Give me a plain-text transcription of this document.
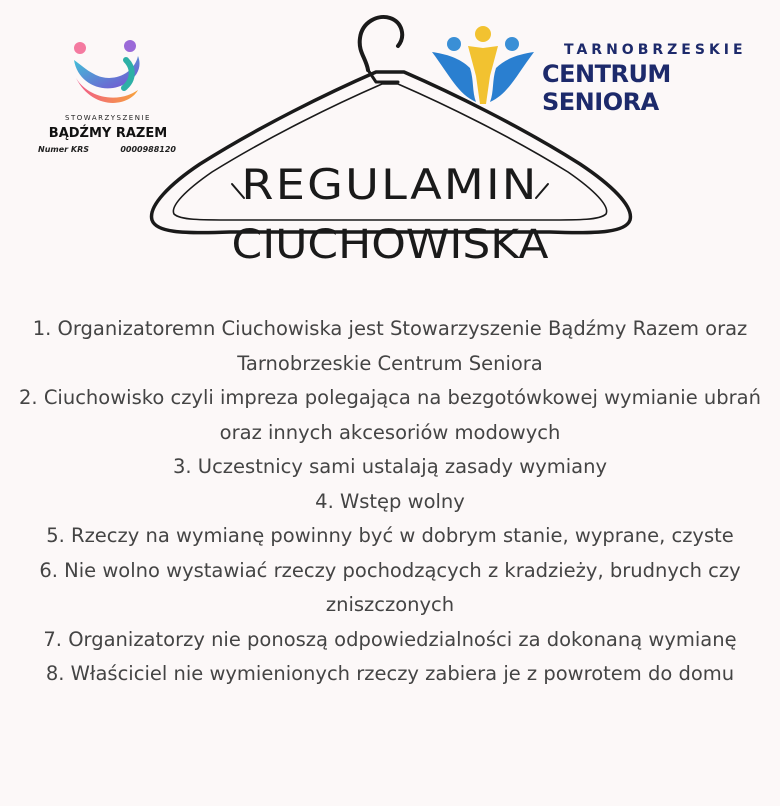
STOWARZYSZENIE
BĄDŹMY RAZEM
Numer KRS	0000988120
TARNOBRZESKIE
CENTRUM SENIORA
REGULAMIN
CIUCHOWISKA

1. Organizatoremn Ciuchowiska jest Stowarzyszenie Bądźmy Razem oraz Tarnobrzeskie Centrum Seniora

2. Ciuchowisko czyli impreza polegająca na bezgotówkowej wymianie ubrań oraz innych akcesoriów modowych

3. Uczestnicy sami ustalają zasady wymiany

4. Wstęp wolny

5. Rzeczy na wymianę powinny być w dobrym stanie, wyprane, czyste

6. Nie wolno wystawiać rzeczy pochodzących z kradzieży, brudnych czy zniszczonych

7. Organizatorzy nie ponoszą odpowiedzialności za dokonaną wymianę

8. Właściciel nie wymienionych rzeczy zabiera je z powrotem do domu
